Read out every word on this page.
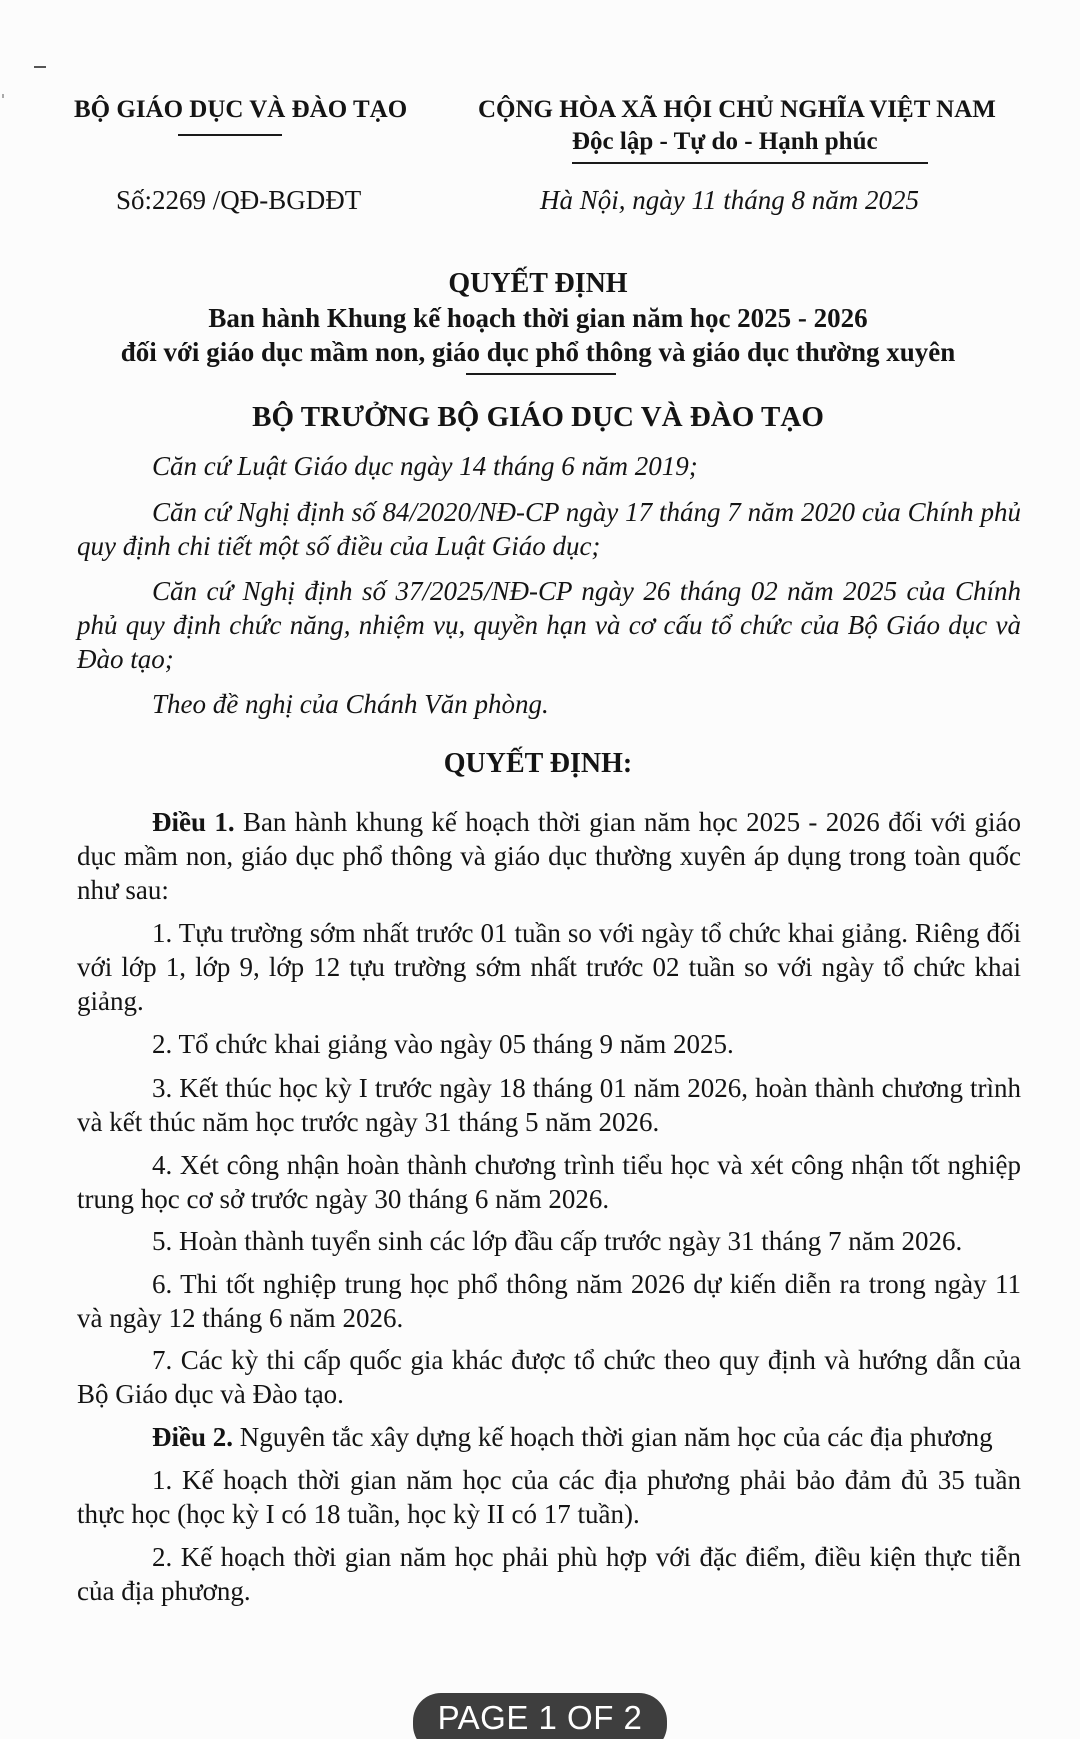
BỘ GIÁO DỤC VÀ ĐÀO TẠO	CỘNG HÒA XÃ HỘI CHỦ NGHĨA VIỆT NAM
Độc lập - Tự do - Hạnh phúc
Số:2269 /QĐ-BGDĐT	Hà Nội, ngày 11 tháng 8 năm 2025
QUYẾT ĐỊNH
Ban hành Khung kế hoạch thời gian năm học 2025 - 2026
đối với giáo dục mầm non, giáo dục phổ thông và giáo dục thường xuyên
BỘ TRƯỞNG BỘ GIÁO DỤC VÀ ĐÀO TẠO
Căn cứ Luật Giáo dục ngày 14 tháng 6 năm 2019;
Căn cứ Nghị định số 84/2020/NĐ-CP ngày 17 tháng 7 năm 2020 của Chính phủ quy định chi tiết một số điều của Luật Giáo dục;
Căn cứ Nghị định số 37/2025/NĐ-CP ngày 26 tháng 02 năm 2025 của Chính phủ quy định chức năng, nhiệm vụ, quyền hạn và cơ cấu tổ chức của Bộ Giáo dục và Đào tạo;
Theo đề nghị của Chánh Văn phòng.
QUYẾT ĐỊNH:
Điều 1. Ban hành khung kế hoạch thời gian năm học 2025 - 2026 đối với giáo dục mầm non, giáo dục phổ thông và giáo dục thường xuyên áp dụng trong toàn quốc như sau:
1. Tựu trường sớm nhất trước 01 tuần so với ngày tổ chức khai giảng. Riêng đối với lớp 1, lớp 9, lớp 12 tựu trường sớm nhất trước 02 tuần so với ngày tổ chức khai giảng.
2. Tổ chức khai giảng vào ngày 05 tháng 9 năm 2025.
3. Kết thúc học kỳ I trước ngày 18 tháng 01 năm 2026, hoàn thành chương trình và kết thúc năm học trước ngày 31 tháng 5 năm 2026.
4. Xét công nhận hoàn thành chương trình tiểu học và xét công nhận tốt nghiệp trung học cơ sở trước ngày 30 tháng 6 năm 2026.
5. Hoàn thành tuyển sinh các lớp đầu cấp trước ngày 31 tháng 7 năm 2026.
6. Thi tốt nghiệp trung học phổ thông năm 2026 dự kiến diễn ra trong ngày 11 và ngày 12 tháng 6 năm 2026.
7. Các kỳ thi cấp quốc gia khác được tổ chức theo quy định và hướng dẫn của Bộ Giáo dục và Đào tạo.
Điều 2. Nguyên tắc xây dựng kế hoạch thời gian năm học của các địa phương
1. Kế hoạch thời gian năm học của các địa phương phải bảo đảm đủ 35 tuần thực học (học kỳ I có 18 tuần, học kỳ II có 17 tuần).
2. Kế hoạch thời gian năm học phải phù hợp với đặc điểm, điều kiện thực tiễn của địa phương.
PAGE 1 OF 2
